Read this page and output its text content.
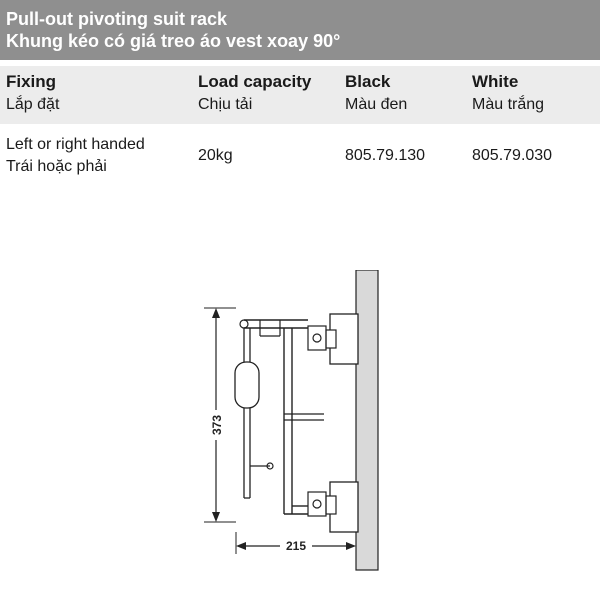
Pull-out pivoting suit rack
Khung kéo có giá treo áo vest xoay 90°
Fixing
Lắp đặt
Load capacity
Chịu tải
Black
Màu đen
White
Màu trắng
Left or right handed
Trái hoặc phải
20kg	805.79.130	805.79.030
373
215
